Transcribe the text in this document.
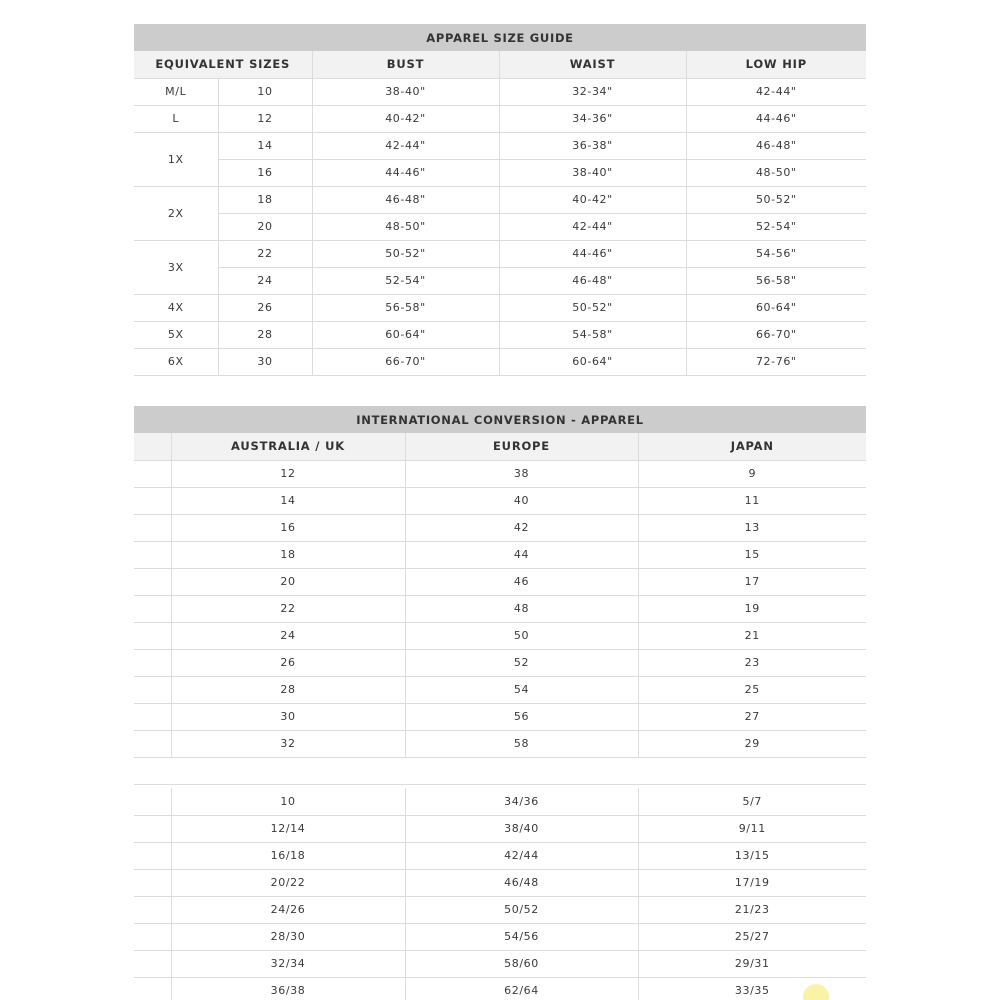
APPAREL SIZE GUIDE				
EQUIVALENT SIZES		BUST	WAIST	LOW HIP
M/L	10	38-40"	32-34"	42-44"
L	12	40-42"	34-36"	44-46"
1X	14	42-44"	36-38"	46-48"
	16	44-46"	38-40"	48-50"
2X	18	46-48"	40-42"	50-52"
	20	48-50"	42-44"	52-54"
3X	22	50-52"	44-46"	54-56"
	24	52-54"	46-48"	56-58"
4X	26	56-58"	50-52"	60-64"
5X	28	60-64"	54-58"	66-70"
6X	30	66-70"	60-64"	72-76"
INTERNATIONAL CONVERSION - APPAREL			
	AUSTRALIA / UK	EUROPE	JAPAN
	12	38	9
	14	40	11
	16	42	13
	18	44	15
	20	46	17
	22	48	19
	24	50	21
	26	52	23
	28	54	25
	30	56	27
	32	58	29

	10	34/36	5/7
	12/14	38/40	9/11
	16/18	42/44	13/15
	20/22	46/48	17/19
	24/26	50/52	21/23
	28/30	54/56	25/27
	32/34	58/60	29/31
	36/38	62/64	33/35
